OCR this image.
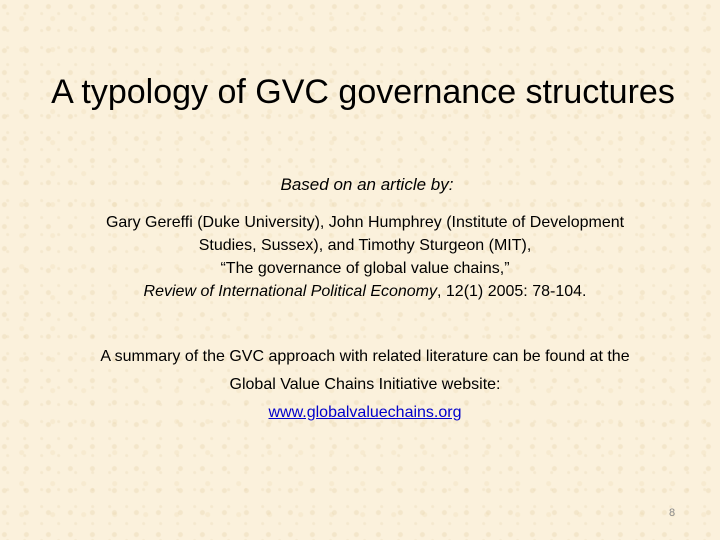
A typology of GVC governance structures
Based on an article by:
Gary Gereffi (Duke University), John Humphrey (Institute of Development
Studies, Sussex), and Timothy Sturgeon (MIT),
“The governance of global value chains,”
Review of International Political Economy, 12(1) 2005: 78-104.
A summary of the GVC approach with related literature can be found at the
Global Value Chains Initiative website:
www.globalvaluechains.org
8
